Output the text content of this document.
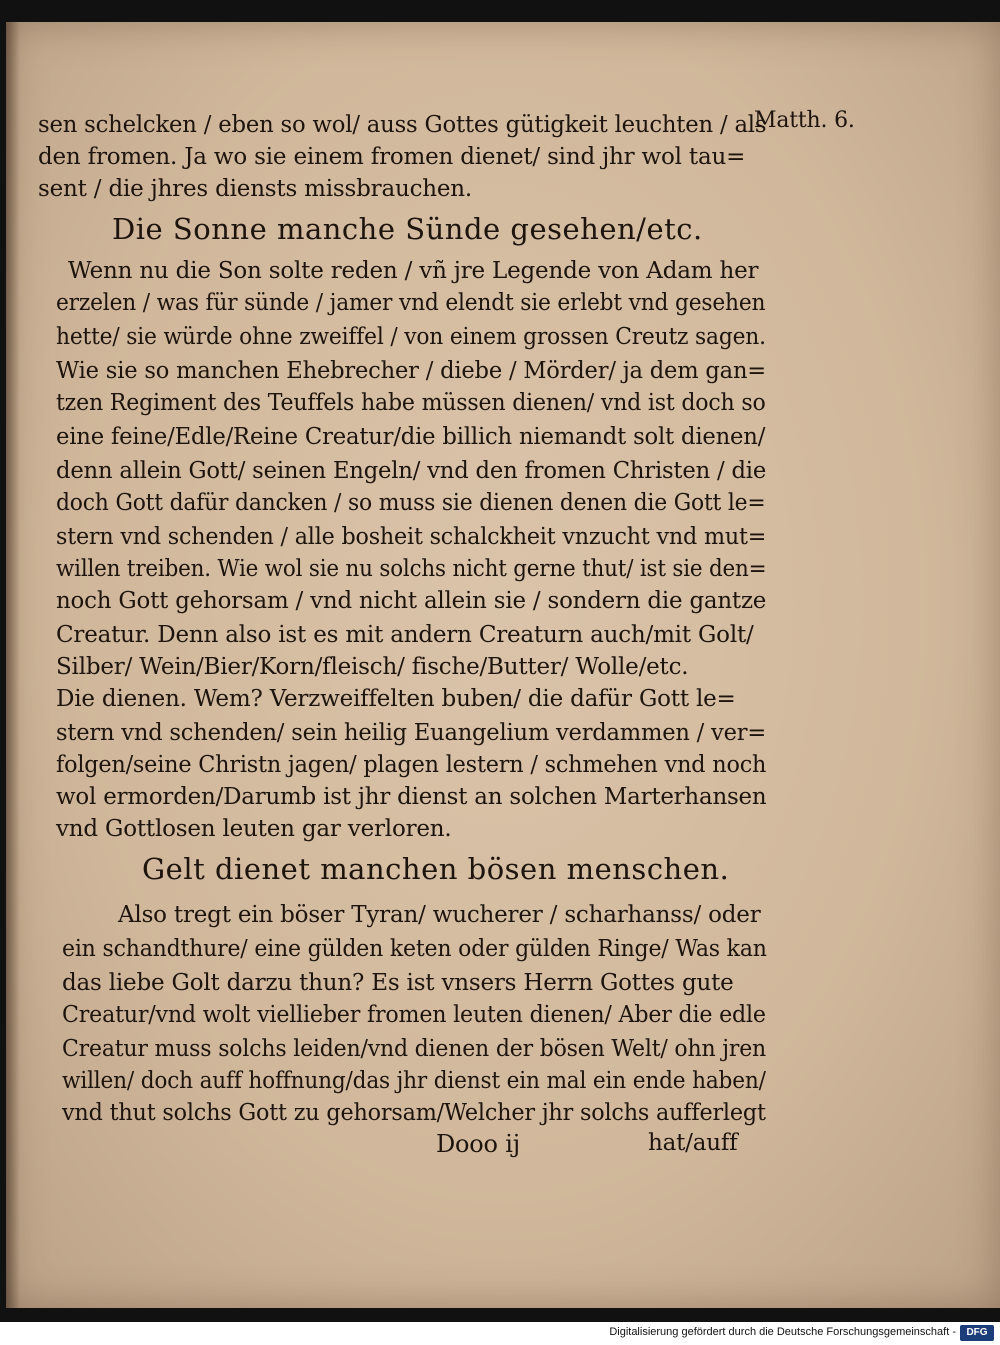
sen schelcken / eben so wol/ auss Gottes gütigkeit leuchten / als
Matth. 6.
den fromen. Ja wo sie einem fromen dienet/ sind jhr wol tau=
sent / die jhres diensts missbrauchen.
Die Sonne manche Sünde gesehen/etc.
Wenn nu die Son solte reden / vñ jre Legende von Adam her
erzelen / was für sünde / jamer vnd elendt sie erlebt vnd gesehen
hette/ sie würde ohne zweiffel / von einem grossen Creutz sagen.
Wie sie so manchen Ehebrecher / diebe / Mörder/ ja dem gan=
tzen Regiment des Teuffels habe müssen dienen/ vnd ist doch so
eine feine/Edle/Reine Creatur/die billich niemandt solt dienen/
denn allein Gott/ seinen Engeln/ vnd den fromen Christen / die
doch Gott dafür dancken / so muss sie dienen denen die Gott le=
stern vnd schenden / alle bosheit schalckheit vnzucht vnd mut=
willen treiben. Wie wol sie nu solchs nicht gerne thut/ ist sie den=
noch Gott gehorsam / vnd nicht allein sie / sondern die gantze
Creatur. Denn also ist es mit andern Creaturn auch/mit Golt/
Silber/ Wein/Bier/Korn/fleisch/ fische/Butter/ Wolle/etc.
Die dienen. Wem? Verzweiffelten buben/ die dafür Gott le=
stern vnd schenden/ sein heilig Euangelium verdammen / ver=
folgen/seine Christn jagen/ plagen lestern / schmehen vnd noch
wol ermorden/Darumb ist jhr dienst an solchen Marterhansen
vnd Gottlosen leuten gar verloren.
Gelt dienet manchen bösen menschen.
Also tregt ein böser Tyran/ wucherer / scharhanss/ oder
ein schandthure/ eine gülden keten oder gülden Ringe/ Was kan
das liebe Golt darzu thun? Es ist vnsers Herrn Gottes gute
Creatur/vnd wolt viellieber fromen leuten dienen/ Aber die edle
Creatur muss solchs leiden/vnd dienen der bösen Welt/ ohn jren
willen/ doch auff hoffnung/das jhr dienst ein mal ein ende haben/
vnd thut solchs Gott zu gehorsam/Welcher jhr solchs aufferlegt
Dooo ij	hat/auff
Digitalisierung gefördert durch die Deutsche Forschungsgemeinschaft -	DFG
